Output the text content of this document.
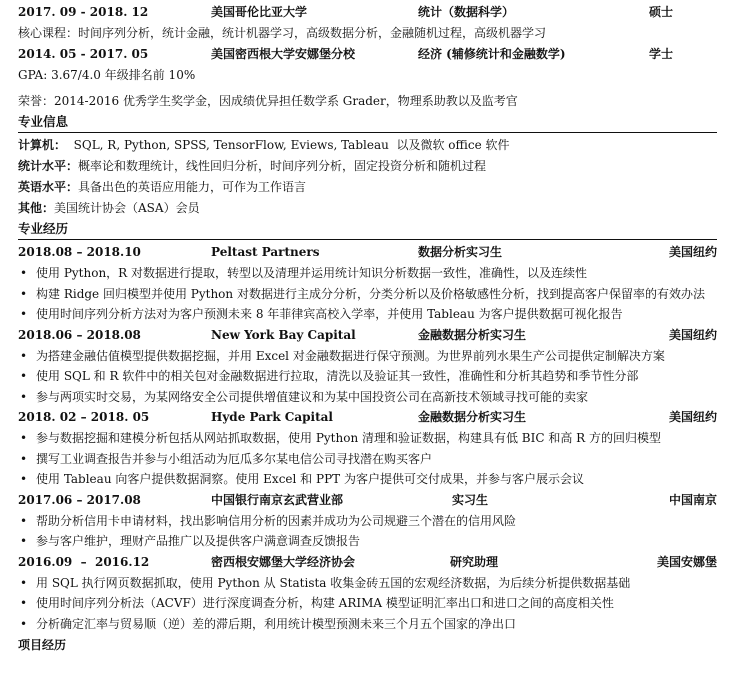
2017. 09 - 2018. 12	美国哥伦比亚大学	统计（数据科学）	硕士
核心课程：时间序列分析，统计金融，统计机器学习，高级数据分析，金融随机过程，高级机器学习
2014. 05 - 2017. 05	美国密西根大学安娜堡分校	经济 (辅修统计和金融数学)	学士
GPA: 3.67/4.0 年级排名前 10%
荣誉：2014-2016 优秀学生奖学金，因成绩优异担任数学系 Grader，物理系助教以及监考官
专业信息
计算机：  SQL, R, Python, SPSS, TensorFlow, Eviews, Tableau  以及微软 office 软件
统计水平：概率论和数理统计，线性回归分析，时间序列分析，固定投资分析和随机过程
英语水平：具备出色的英语应用能力，可作为工作语言
其他：美国统计协会（ASA）会员
专业经历
2018.08 – 2018.10	Peltast Partners	数据分析实习生	美国纽约
• 使用 Python，R 对数据进行提取，转型以及清理并运用统计知识分析数据一致性，准确性，以及连续性
• 构建 Ridge 回归模型并使用 Python 对数据进行主成分分析，分类分析以及价格敏感性分析，找到提高客户保留率的有效办法
• 使用时间序列分析方法对为客户预测未来 8 年菲律宾高校入学率，并使用 Tableau 为客户提供数据可视化报告
2018.06 – 2018.08	New York Bay Capital	金融数据分析实习生	美国纽约
• 为搭建金融估值模型提供数据挖掘，并用 Excel 对金融数据进行保守预测。为世界前列水果生产公司提供定制解决方案
• 使用 SQL 和 R 软件中的相关包对金融数据进行拉取，清洗以及验证其一致性，准确性和分析其趋势和季节性分部
• 参与两项实时交易，为某网络安全公司提供增值建议和为某中国投资公司在高新技术领域寻找可能的卖家
2018. 02 – 2018. 05	Hyde Park Capital	金融数据分析实习生	美国纽约
• 参与数据挖掘和建模分析包括从网站抓取数据，使用 Python 清理和验证数据，构建具有低 BIC 和高 R 方的回归模型
• 撰写工业调查报告并参与小组活动为厄瓜多尔某电信公司寻找潜在购买客户
• 使用 Tableau 向客户提供数据洞察。使用 Excel 和 PPT 为客户提供可交付成果，并参与客户展示会议
2017.06 – 2017.08	中国银行南京玄武营业部	实习生	中国南京
• 帮助分析信用卡申请材料，找出影响信用分析的因素并成功为公司规避三个潜在的信用风险
• 参与客户维护，理财产品推广以及提供客户满意调查反馈报告
2016.09  –  2016.12	密西根安娜堡大学经济协会	研究助理	美国安娜堡
• 用 SQL 执行网页数据抓取，使用 Python 从 Statista 收集金砖五国的宏观经济数据，为后续分析提供数据基础
• 使用时间序列分析法（ACVF）进行深度调查分析，构建 ARIMA 模型证明汇率出口和进口之间的高度相关性
• 分析确定汇率与贸易顺（逆）差的滞后期，利用统计模型预测未来三个月五个国家的净出口
项目经历
